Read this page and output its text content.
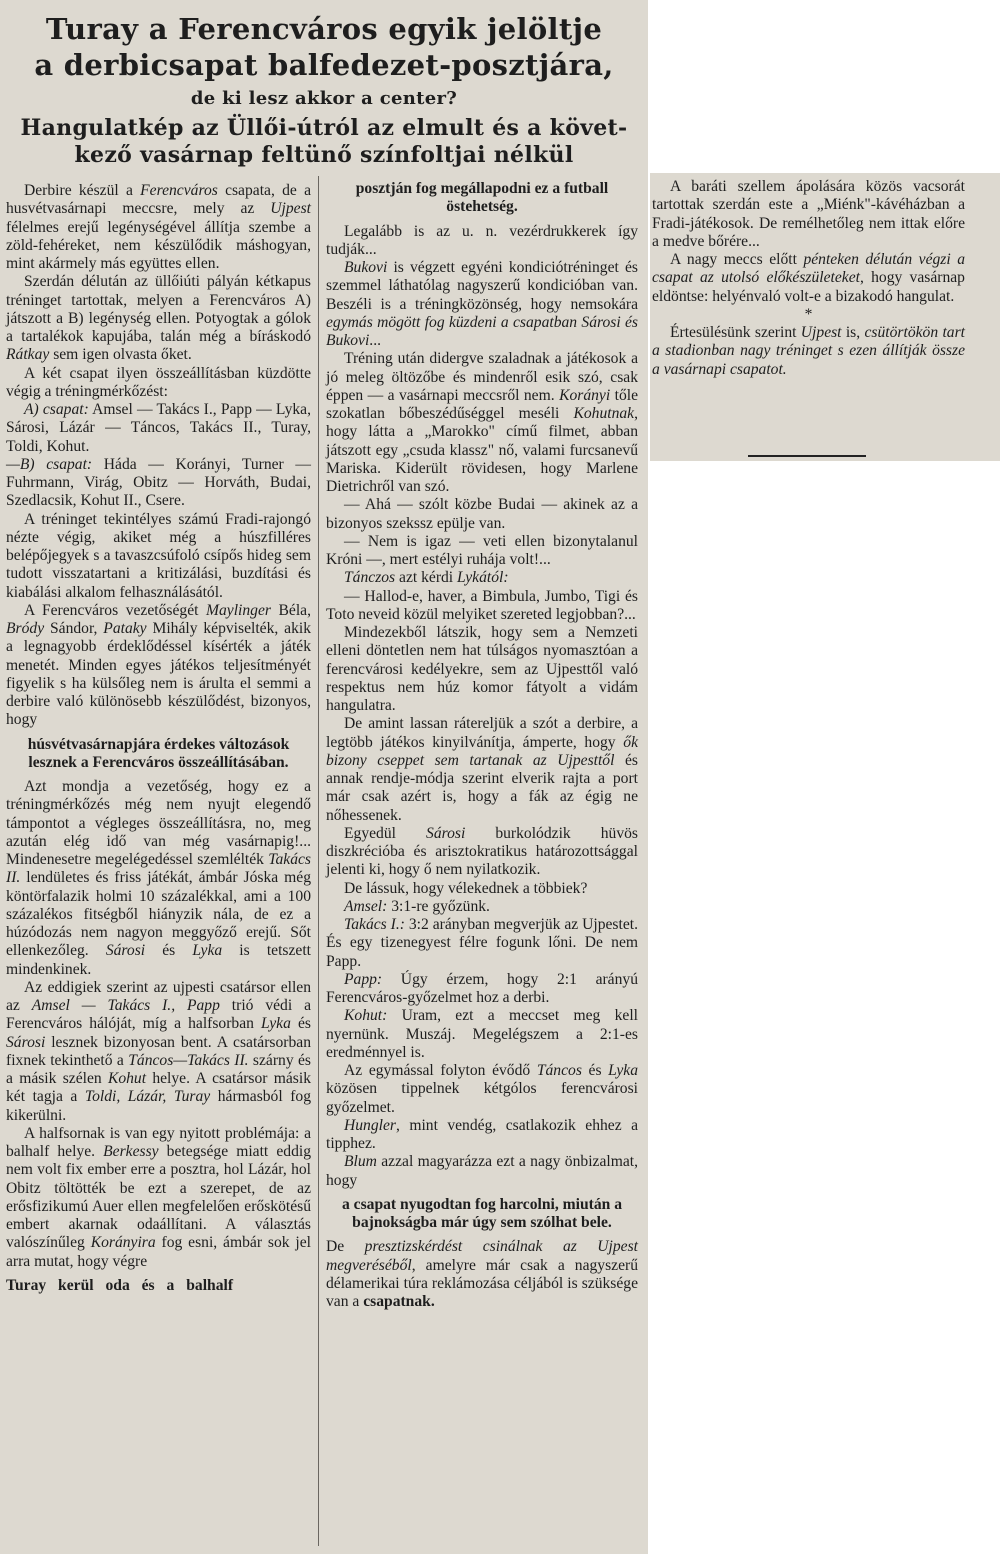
Turay a Ferencváros egyik jelöltje
a derbicsapat balfedezet-posztjára,
de ki lesz akkor a center?
Hangulatkép az Üllői-útról az elmult és a követ-
kező vasárnap feltünő színfoltjai nélkül

Derbire készül a Ferencváros csapata, de a husvétvasárnapi meccsre, mely az Ujpest félelmes erejű legénységével állítja szembe a zöld-fehéreket, nem készülődik máshogyan, mint akármely más együttes ellen.

Szerdán délután az üllőiúti pályán kétkapus tréninget tartottak, melyen a Ferencváros A) játszott a B) legénység ellen. Potyogtak a gólok a tartalékok kapujába, talán még a bíráskodó Rátkay sem igen olvasta őket.

A két csapat ilyen összeállításban küzdötte végig a tréningmérkőzést:

A) csapat: Amsel — Takács I., Papp — Lyka, Sárosi, Lázár — Táncos, Takács II., Turay, Toldi, Kohut.

—B) csapat: Háda — Korányi, Turner — Fuhrmann, Virág, Obitz — Horváth, Budai, Szedlacsik, Kohut II., Csere.

A tréninget tekintélyes számú Fradi-rajongó nézte végig, akiket még a húszfilléres belépőjegyek s a tavaszcsúfoló csípős hideg sem tudott visszatartani a kritizálási, buzdítási és kiabálási alkalom felhasználásától.

A Ferencváros vezetőségét Maylinger Béla, Bródy Sándor, Pataky Mihály képviselték, akik a legnagyobb érdeklődéssel kísérték a játék menetét. Minden egyes játékos teljesítményét figyelik s ha külsőleg nem is árulta el semmi a derbire való különösebb készülődést, bizonyos, hogy

húsvétvasárnapjára érdekes változások lesznek a Ferencváros összeállításában.

Azt mondja a vezetőség, hogy ez a tréningmérkőzés még nem nyujt elegendő támpontot a végleges összeállításra, no, meg azután elég idő van még vasárnapig!... Mindenesetre megelégedéssel szemlélték Takács II. lendületes és friss játékát, ámbár Jóska még köntörfalazik holmi 10 százalékkal, ami a 100 százalékos fitségből hiányzik nála, de ez a húzódozás nem nagyon meggyőző erejű. Sőt ellenkezőleg. Sárosi és Lyka is tetszett mindenkinek.

Az eddigiek szerint az ujpesti csatársor ellen az Amsel — Takács I., Papp trió védi a Ferencváros hálóját, míg a halfsorban Lyka és Sárosi lesznek bizonyosan bent. A csatársorban fixnek tekinthető a Táncos—Takács II. szárny és a másik szélen Kohut helye. A csatársor másik két tagja a Toldi, Lázár, Turay hármasból fog kikerülni.

A halfsornak is van egy nyitott problémája: a balhalf helye. Berkessy betegsége miatt eddig nem volt fix ember erre a posztra, hol Lázár, hol Obitz töltötték be ezt a szerepet, de az erősfizikumú Auer ellen megfelelően erőskötésű embert akarnak odaállítani. A választás valószínűleg Korányira fog esni, ámbár sok jel arra mutat, hogy végre

Turay kerül oda és a balhalf

posztján fog megállapodni ez a futball östehetség.

Legalább is az u. n. vezérdrukkerek így tudják...

Bukovi is végzett egyéni kondiciótréninget és szemmel láthatólag nagyszerű kondicióban van. Beszéli is a tréningközönség, hogy nemsokára egymás mögött fog küzdeni a csapatban Sárosi és Bukovi...

Tréning után didergve szaladnak a játékosok a jó meleg öltözőbe és mindenről esik szó, csak éppen — a vasárnapi meccsről nem. Korányi tőle szokatlan bőbeszédűséggel meséli Kohutnak, hogy látta a „Marokko" című filmet, abban játszott egy „csuda klassz" nő, valami furcsanevű Mariska. Kiderült rövidesen, hogy Marlene Dietrichről van szó.

— Ahá — szólt közbe Budai — akinek az a bizonyos szekssz epülje van.

— Nem is igaz — veti ellen bizonytalanul Króni —, mert estélyi ruhája volt!...

Tánczos azt kérdi Lykától:

— Hallod-e, haver, a Bimbula, Jumbo, Tigi és Toto neveid közül melyiket szereted legjobban?...

Mindezekből látszik, hogy sem a Nemzeti elleni döntetlen nem hat túlságos nyomasztóan a ferencvárosi kedélyekre, sem az Ujpesttől való respektus nem húz komor fátyolt a vidám hangulatra.

De amint lassan rátereljük a szót a derbire, a legtöbb játékos kinyilvánítja, ámperte, hogy ők bizony cseppet sem tartanak az Ujpesttől és annak rendje-módja szerint elverik rajta a port már csak azért is, hogy a fák az égig ne nőhessenek.

Egyedül Sárosi burkolódzik hüvös diszkrécióba és arisztokratikus határozottsággal jelenti ki, hogy ő nem nyilatkozik.

De lássuk, hogy vélekednek a többiek?

Amsel: 3:1-re győzünk.

Takács I.: 3:2 arányban megverjük az Ujpestet. És egy tizenegyest félre fogunk lőni. De nem Papp.

Papp: Úgy érzem, hogy 2:1 arányú Ferencváros-győzelmet hoz a derbi.

Kohut: Uram, ezt a meccset meg kell nyernünk. Muszáj. Megelégszem a 2:1-es eredménnyel is.

Az egymással folyton évődő Táncos és Lyka közösen tippelnek kétgólos ferencvárosi győzelmet.

Hungler, mint vendég, csatlakozik ehhez a tipphez.

Blum azzal magyarázza ezt a nagy önbizalmat, hogy

a csapat nyugodtan fog harcolni, miután a bajnokságba már úgy sem szólhat bele.

De presztizskérdést csinálnak az Ujpest megveréséből, amelyre már csak a nagyszerű délamerikai túra reklámozása céljából is szüksége van a csapatnak.

A baráti szellem ápolására közös vacsorát tartottak szerdán este a „Miénk"-kávéházban a Fradi-játékosok. De remélhetőleg nem ittak előre a medve bőrére...

A nagy meccs előtt pénteken délután végzi a csapat az utolsó előkészületeket, hogy vasárnap eldöntse: helyénvaló volt-e a bizakodó hangulat.

*

Értesülésünk szerint Ujpest is, csütörtökön tart a stadionban nagy tréninget s ezen állítják össze a vasárnapi csapatot.
